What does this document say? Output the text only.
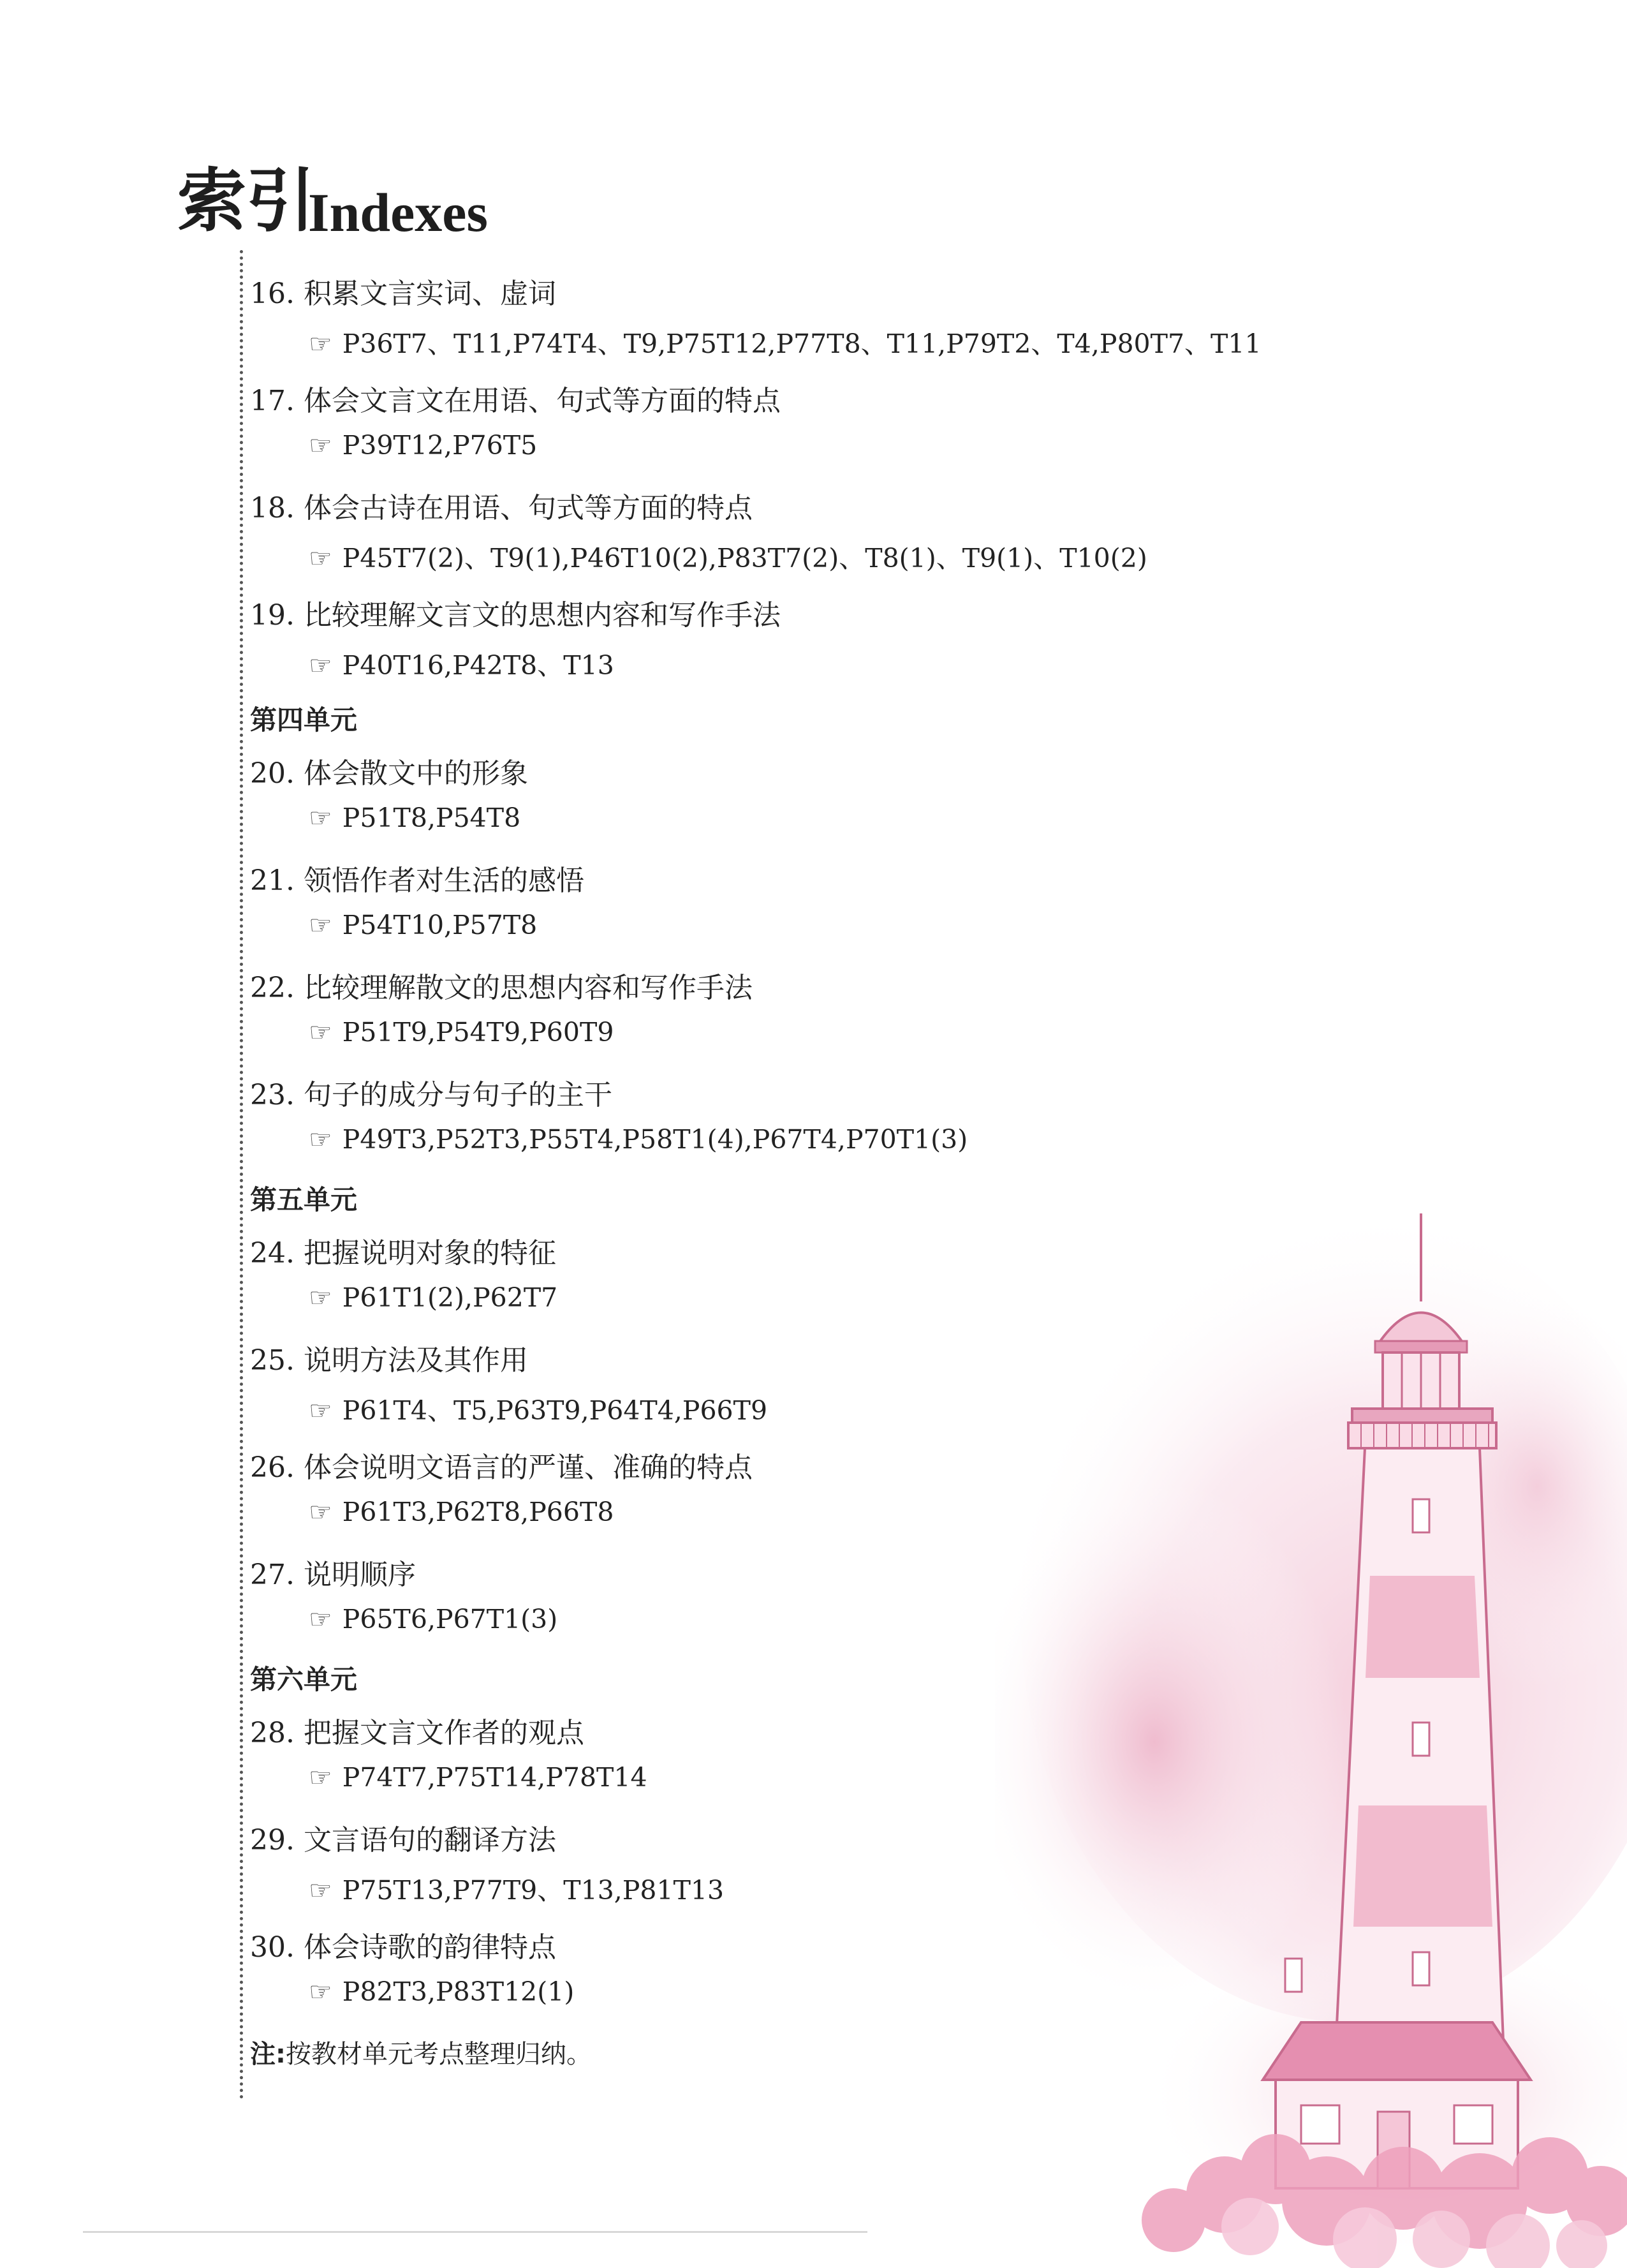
索引
Indexes
16. 积累文言实词、虚词
☞ P36T7、T11,P74T4、T9,P75T12,P77T8、T11,P79T2、T4,P80T7、T11
17. 体会文言文在用语、句式等方面的特点
☞ P39T12,P76T5
18. 体会古诗在用语、句式等方面的特点
☞ P45T7(2)、T9(1),P46T10(2),P83T7(2)、T8(1)、T9(1)、T10(2)
19. 比较理解文言文的思想内容和写作手法
☞ P40T16,P42T8、T13
第四单元
20. 体会散文中的形象
☞ P51T8,P54T8
21. 领悟作者对生活的感悟
☞ P54T10,P57T8
22. 比较理解散文的思想内容和写作手法
☞ P51T9,P54T9,P60T9
23. 句子的成分与句子的主干
☞ P49T3,P52T3,P55T4,P58T1(4),P67T4,P70T1(3)
第五单元
24. 把握说明对象的特征
☞ P61T1(2),P62T7
25. 说明方法及其作用
☞ P61T4、T5,P63T9,P64T4,P66T9
26. 体会说明文语言的严谨、准确的特点
☞ P61T3,P62T8,P66T8
27. 说明顺序
☞ P65T6,P67T1(3)
第六单元
28. 把握文言文作者的观点
☞ P74T7,P75T14,P78T14
29. 文言语句的翻译方法
☞ P75T13,P77T9、T13,P81T13
30. 体会诗歌的韵律特点
☞ P82T3,P83T12(1)
注:按教材单元考点整理归纳。
